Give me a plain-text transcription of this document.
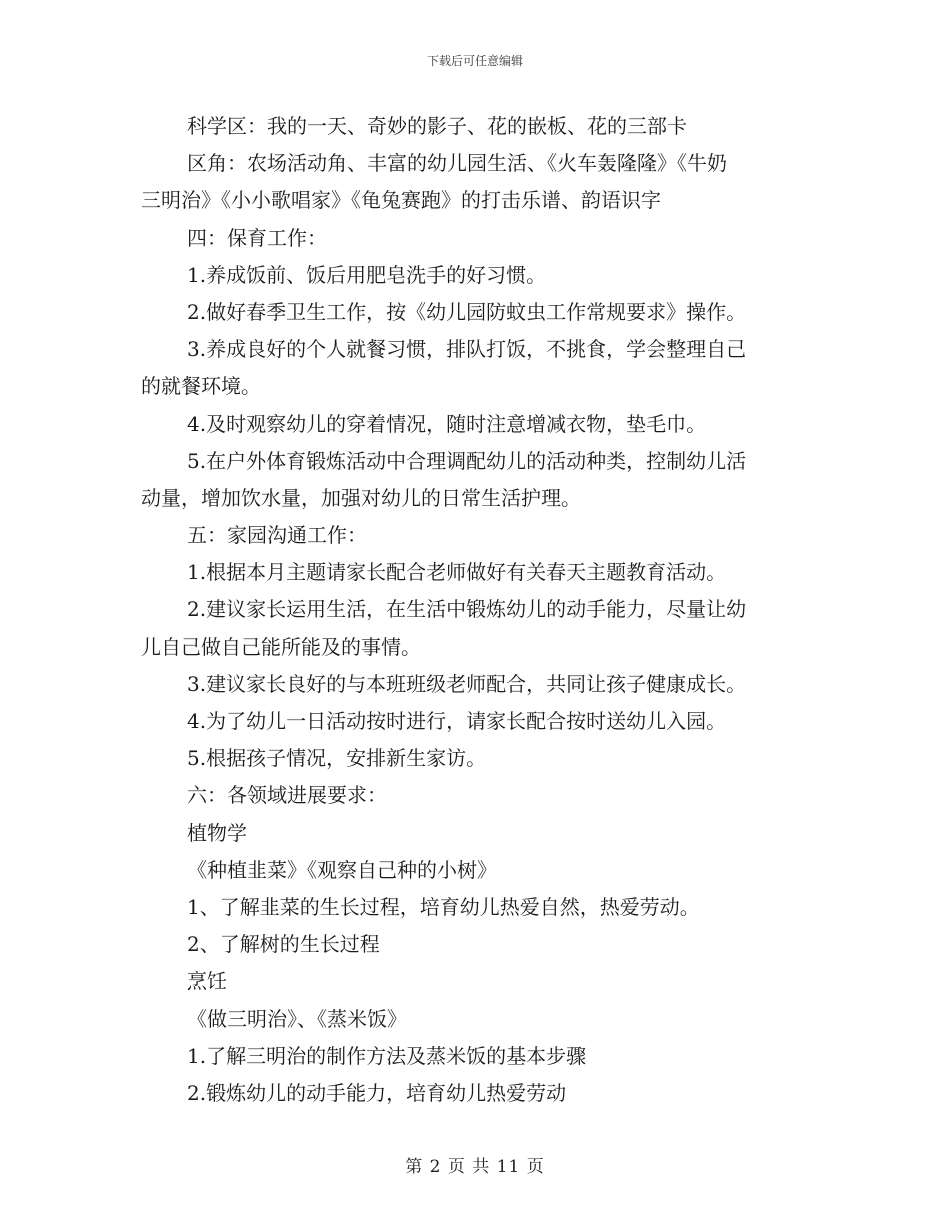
下载后可任意编辑
科学区：我的一天、奇妙的影子、花的嵌板、花的三部卡
区角：农场活动角、丰富的幼儿园生活、《火车轰隆隆》《牛奶
三明治》《小小歌唱家》《龟兔赛跑》的打击乐谱、韵语识字
四：保育工作：
1.养成饭前、饭后用肥皂洗手的好习惯。
2.做好春季卫生工作，按《幼儿园防蚊虫工作常规要求》操作。
3.养成良好的个人就餐习惯，排队打饭，不挑食，学会整理自己
的就餐环境。
4.及时观察幼儿的穿着情况，随时注意增减衣物，垫毛巾。
5.在户外体育锻炼活动中合理调配幼儿的活动种类，控制幼儿活
动量，增加饮水量，加强对幼儿的日常生活护理。
五：家园沟通工作：
1.根据本月主题请家长配合老师做好有关春天主题教育活动。
2.建议家长运用生活，在生活中锻炼幼儿的动手能力，尽量让幼
儿自己做自己能所能及的事情。
3.建议家长良好的与本班班级老师配合，共同让孩子健康成长。
4.为了幼儿一日活动按时进行，请家长配合按时送幼儿入园。
5.根据孩子情况，安排新生家访。
六：各领域进展要求：
植物学
《种植韭菜》《观察自己种的小树》
1、了解韭菜的生长过程，培育幼儿热爱自然，热爱劳动。
2、了解树的生长过程
烹饪
《做三明治》、《蒸米饭》
1.了解三明治的制作方法及蒸米饭的基本步骤
2.锻炼幼儿的动手能力，培育幼儿热爱劳动
第 2 页 共 11 页
